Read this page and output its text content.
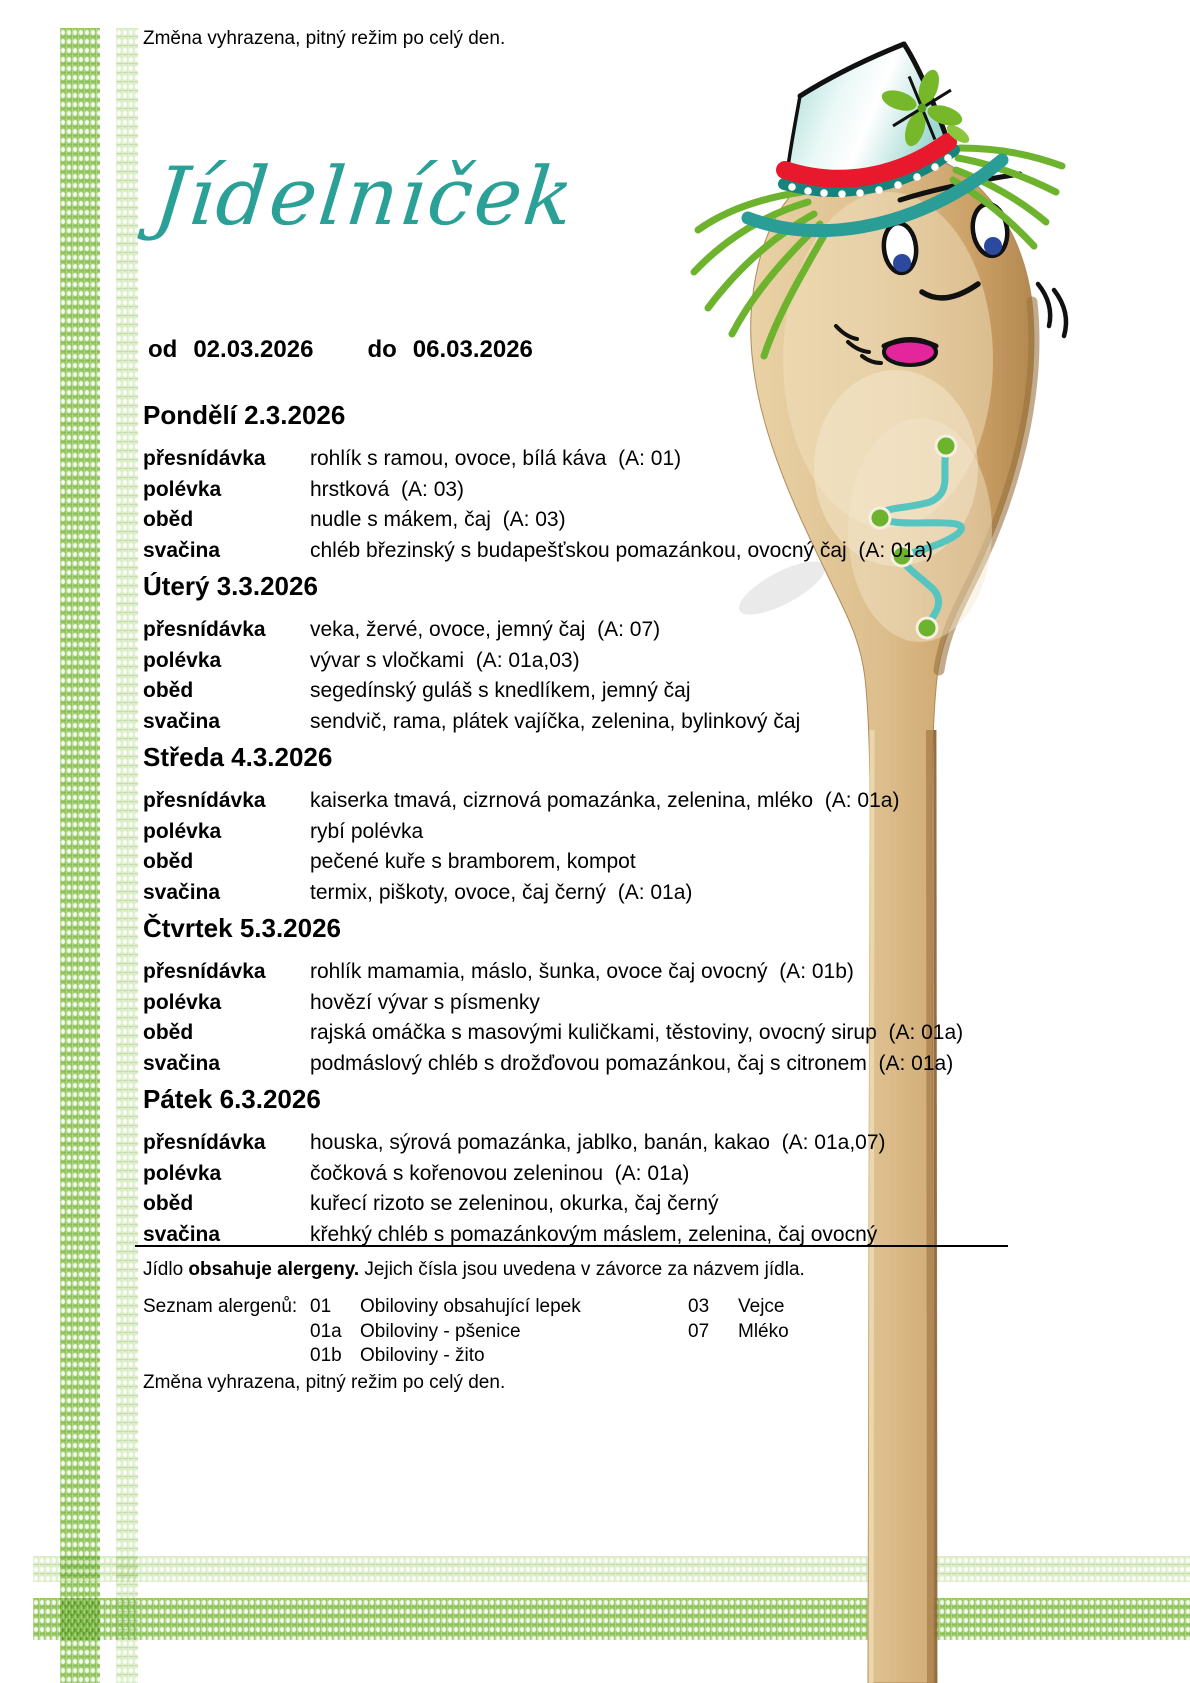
Změna vyhrazena, pitný režim po celý den.
Jídelníček
od 02.03.2026 do 06.03.2026
Pondělí 2.3.2026
přesnídávka	rohlík s ramou, ovoce, bílá káva  (A: 01)
polévka	hrstková  (A: 03)
oběd	nudle s mákem, čaj  (A: 03)
svačina	chléb březinský s budapešťskou pomazánkou, ovocný čaj  (A: 01a)
Úterý 3.3.2026
přesnídávka	veka, žervé, ovoce, jemný čaj  (A: 07)
polévka	vývar s vločkami  (A: 01a,03)
oběd	segedínský guláš s knedlíkem, jemný čaj
svačina	sendvič, rama, plátek vajíčka, zelenina, bylinkový čaj
Středa 4.3.2026
přesnídávka	kaiserka tmavá, cizrnová pomazánka, zelenina, mléko  (A: 01a)
polévka	rybí polévka
oběd	pečené kuře s bramborem, kompot
svačina	termix, piškoty, ovoce, čaj černý  (A: 01a)
Čtvrtek 5.3.2026
přesnídávka	rohlík mamamia, máslo, šunka, ovoce čaj ovocný  (A: 01b)
polévka	hovězí vývar s písmenky
oběd	rajská omáčka s masovými kuličkami, těstoviny, ovocný sirup  (A: 01a)
svačina	podmáslový chléb s drožďovou pomazánkou, čaj s citronem  (A: 01a)
Pátek 6.3.2026
přesnídávka	houska, sýrová pomazánka, jablko, banán, kakao  (A: 01a,07)
polévka	čočková s kořenovou zeleninou  (A: 01a)
oběd	kuřecí rizoto se zeleninou, okurka, čaj černý
svačina	křehký chléb s pomazánkovým máslem, zelenina, čaj ovocný
Jídlo obsahuje alergeny. Jejich čísla jsou uvedena v závorce za názvem jídla.
Seznam alergenů: 01	Obiloviny obsahující lepek	03	Vejce
01a Obiloviny - pšenice	07	Mléko
01b Obiloviny - žito
Změna vyhrazena, pitný režim po celý den.
